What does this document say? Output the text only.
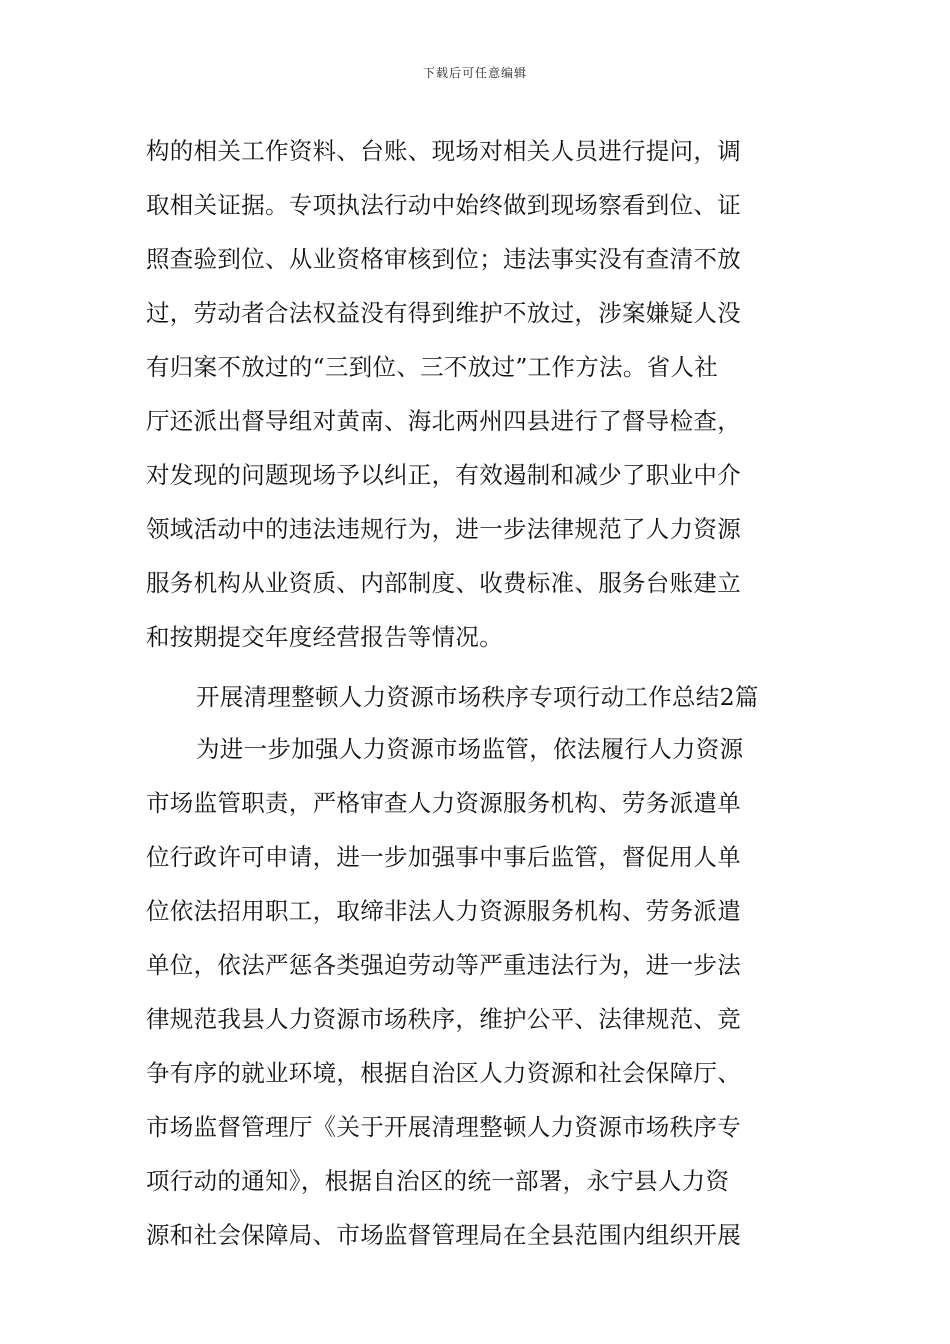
下载后可任意编辑
构的相关工作资料、台账、现场对相关人员进行提问，调
取相关证据。专项执法行动中始终做到现场察看到位、证
照查验到位、从业资格审核到位；违法事实没有查清不放
过，劳动者合法权益没有得到维护不放过，涉案嫌疑人没
有归案不放过的“三到位、三不放过”工作方法。省人社
厅还派出督导组对黄南、海北两州四县进行了督导检查，
对发现的问题现场予以纠正，有效遏制和减少了职业中介
领域活动中的违法违规行为，进一步法律规范了人力资源
服务机构从业资质、内部制度、收费标准、服务台账建立
和按期提交年度经营报告等情况。
开展清理整顿人力资源市场秩序专项行动工作总结2篇
为进一步加强人力资源市场监管，依法履行人力资源
市场监管职责，严格审查人力资源服务机构、劳务派遣单
位行政许可申请，进一步加强事中事后监管，督促用人单
位依法招用职工，取缔非法人力资源服务机构、劳务派遣
单位，依法严惩各类强迫劳动等严重违法行为，进一步法
律规范我县人力资源市场秩序，维护公平、法律规范、竞
争有序的就业环境，根据自治区人力资源和社会保障厅、
市场监督管理厅《关于开展清理整顿人力资源市场秩序专
项行动的通知》，根据自治区的统一部署，永宁县人力资
源和社会保障局、市场监督管理局在全县范围内组织开展
